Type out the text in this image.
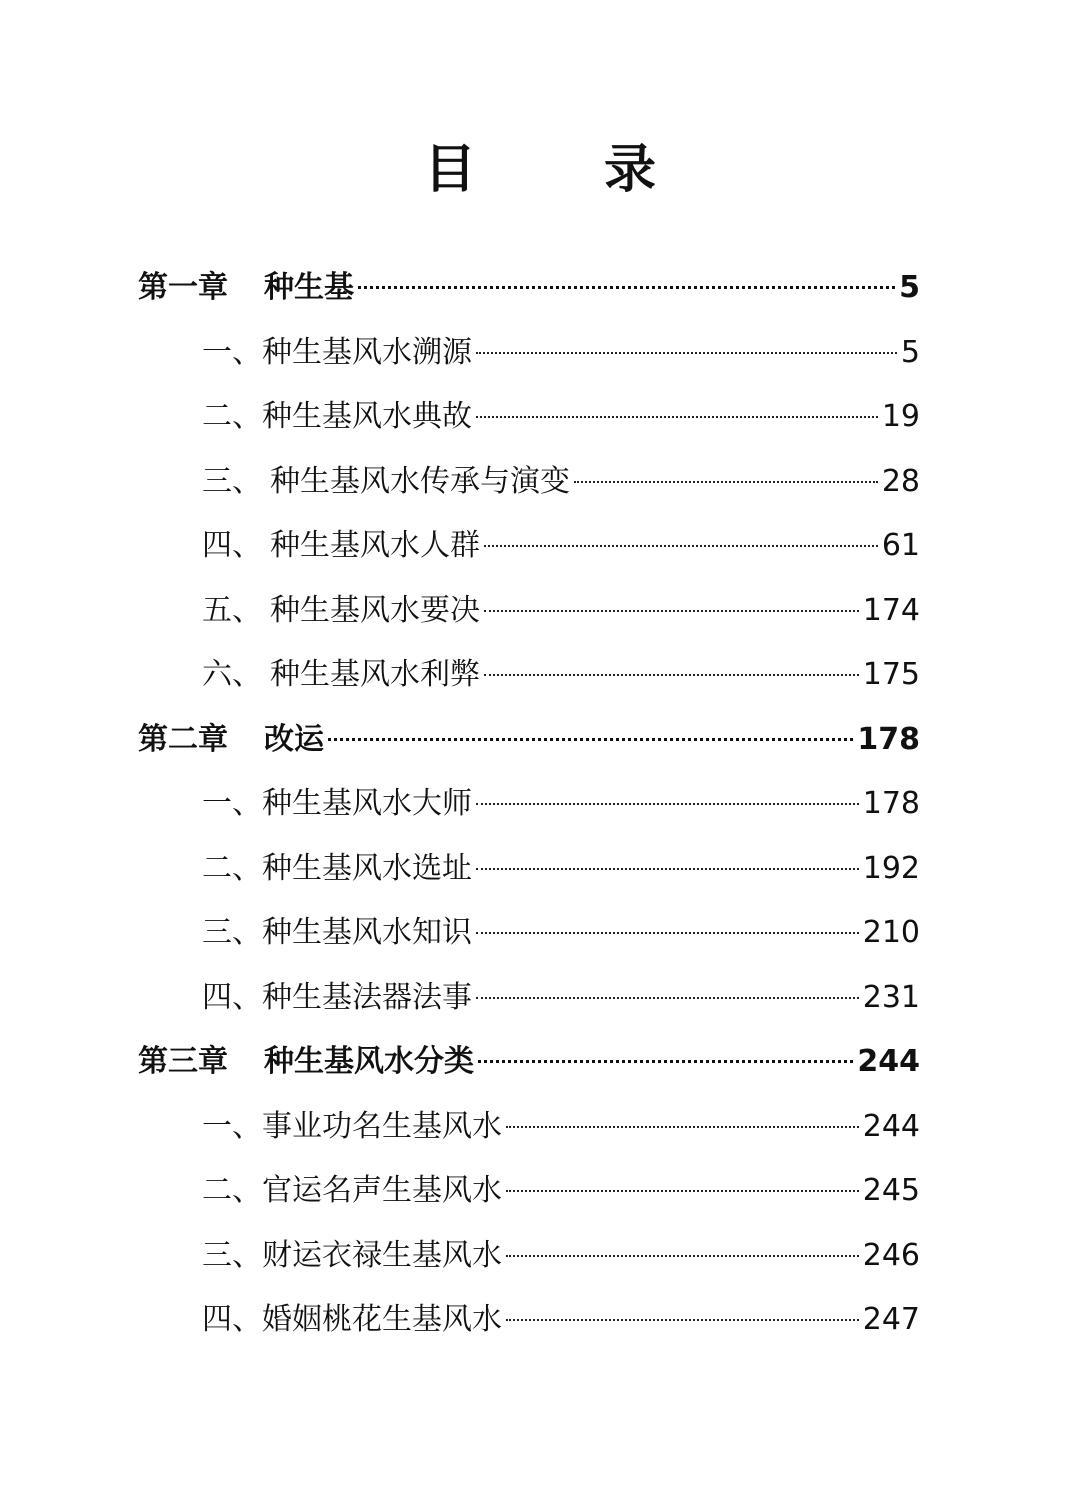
目　录
第一章	种生基	5
一、 种生基风水溯源	5
二、 种生基风水典故	19
三、 种生基风水传承与演变	28
四、 种生基风水人群	61
五、 种生基风水要决	174
六、 种生基风水利弊	175
第二章	改运	178
一、 种生基风水大师	178
二、 种生基风水选址	192
三、 种生基风水知识	210
四、 种生基法器法事	231
第三章	种生基风水分类	244
一、 事业功名生基风水	244
二、 官运名声生基风水	245
三、 财运衣禄生基风水	246
四、 婚姻桃花生基风水	247
